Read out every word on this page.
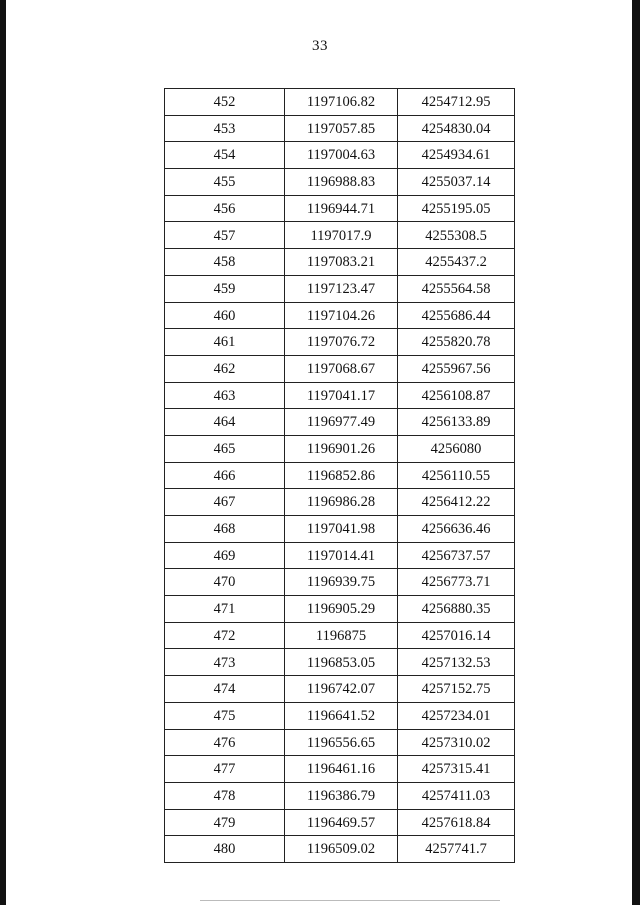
33
452	1197106.82	4254712.95
453	1197057.85	4254830.04
454	1197004.63	4254934.61
455	1196988.83	4255037.14
456	1196944.71	4255195.05
457	1197017.9	4255308.5
458	1197083.21	4255437.2
459	1197123.47	4255564.58
460	1197104.26	4255686.44
461	1197076.72	4255820.78
462	1197068.67	4255967.56
463	1197041.17	4256108.87
464	1196977.49	4256133.89
465	1196901.26	4256080
466	1196852.86	4256110.55
467	1196986.28	4256412.22
468	1197041.98	4256636.46
469	1197014.41	4256737.57
470	1196939.75	4256773.71
471	1196905.29	4256880.35
472	1196875	4257016.14
473	1196853.05	4257132.53
474	1196742.07	4257152.75
475	1196641.52	4257234.01
476	1196556.65	4257310.02
477	1196461.16	4257315.41
478	1196386.79	4257411.03
479	1196469.57	4257618.84
480	1196509.02	4257741.7
